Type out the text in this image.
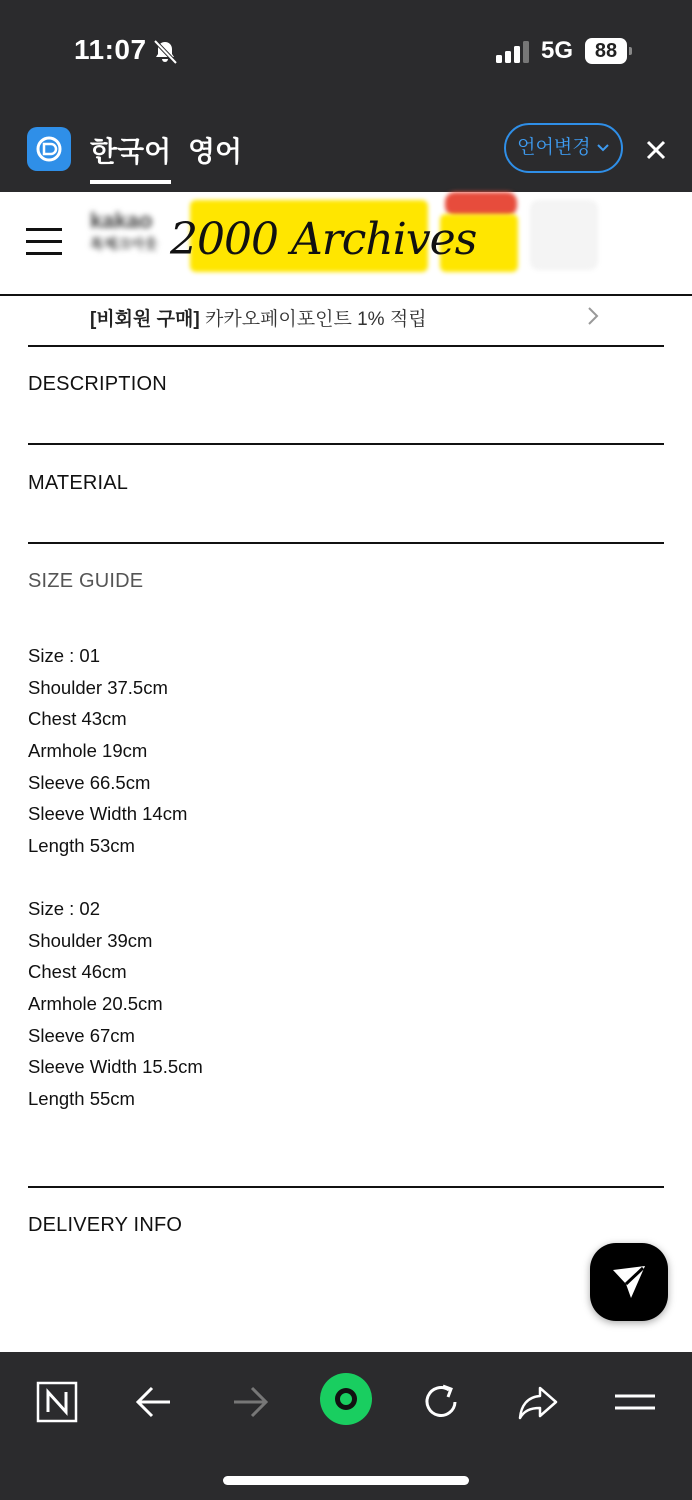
11:07	5G	88
한국어 영어	언어변경
kakao
톡체크아웃 2000 Archives
[비회원 구매] 카카오페이포인트 1% 적립
DESCRIPTION
MATERIAL
SIZE GUIDE
Size : 01
Shoulder 37.5cm
Chest 43cm
Armhole 19cm
Sleeve 66.5cm
Sleeve Width 14cm
Length 53cm
Size : 02
Shoulder 39cm
Chest 46cm
Armhole 20.5cm
Sleeve 67cm
Sleeve Width 15.5cm
Length 55cm
DELIVERY INFO
